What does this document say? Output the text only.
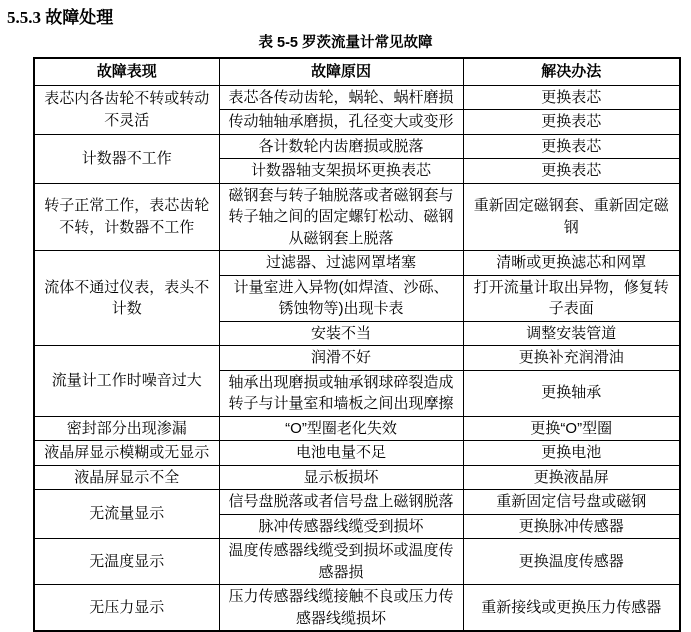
5.5.3 故障处理
表 5-5 罗茨流量计常见故障
故障表现	故障原因	解决办法
表芯内各齿轮不转或转动不灵活	表芯各传动齿轮，蜗轮、蜗杆磨损	更换表芯
	传动轴轴承磨损，孔径变大或变形	更换表芯
计数器不工作	各计数轮内齿磨损或脱落	更换表芯
	计数器轴支架损坏更换表芯	更换表芯
转子正常工作，表芯齿轮不转，计数器不工作	磁钢套与转子轴脱落或者磁钢套与转子轴之间的固定螺钉松动、磁钢从磁钢套上脱落	重新固定磁钢套、重新固定磁钢
流体不通过仪表，表头不计数	过滤器、过滤网罩堵塞	清晰或更换滤芯和网罩
	计量室进入异物(如焊渣、沙砾、锈蚀物等)出现卡表	打开流量计取出异物，修复转子表面
	安装不当	调整安装管道
流量计工作时噪音过大	润滑不好	更换补充润滑油
	轴承出现磨损或轴承钢球碎裂造成转子与计量室和墙板之间出现摩擦	更换轴承
密封部分出现渗漏	“O”型圈老化失效	更换“O”型圈
液晶屏显示模糊或无显示	电池电量不足	更换电池
液晶屏显示不全	显示板损坏	更换液晶屏
无流量显示	信号盘脱落或者信号盘上磁钢脱落	重新固定信号盘或磁钢
	脉冲传感器线缆受到损坏	更换脉冲传感器
无温度显示	温度传感器线缆受到损坏或温度传感器损	更换温度传感器
无压力显示	压力传感器线缆接触不良或压力传感器线缆损坏	重新接线或更换压力传感器
